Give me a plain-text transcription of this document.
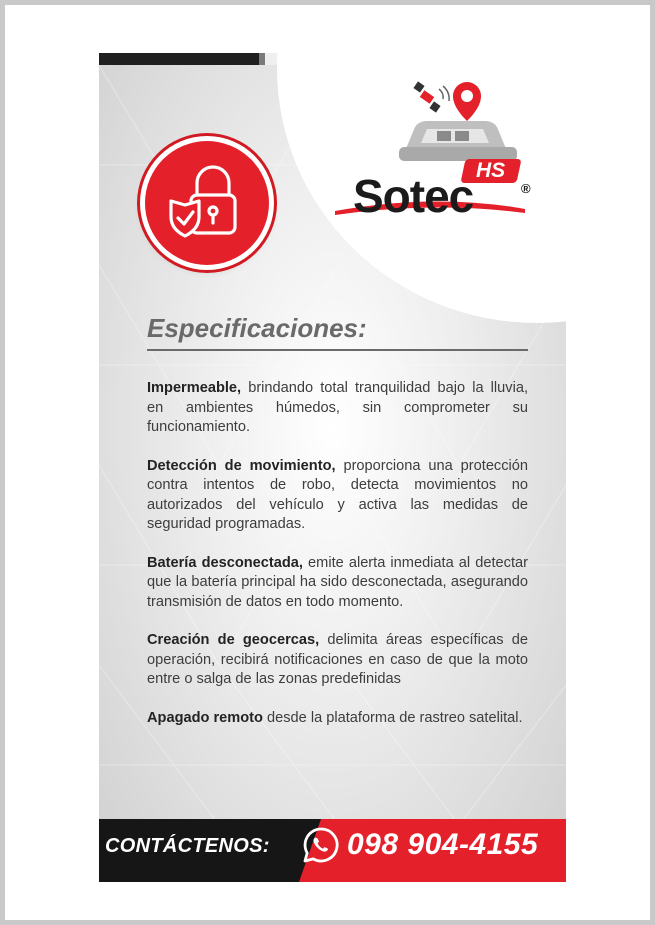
HS
Sotec	®
Especificaciones:

Impermeable, brindando total tranquilidad bajo la lluvia, en ambientes húmedos, sin comprometer su funcionamiento.

Detección de movimiento, proporciona una protección contra intentos de robo, detecta movimientos no autorizados del vehículo y activa las medidas de seguridad programadas.

Batería desconectada, emite alerta inmediata al detectar que la batería principal ha sido desconectada, asegurando transmisión de datos en todo momento.

Creación de geocercas, delimita áreas específicas de operación, recibirá notificaciones en caso de que la moto entre o salga de las zonas predefinidas

Apagado remoto desde la plataforma de rastreo satelital.

CONTÁCTENOS:	098 904-4155
